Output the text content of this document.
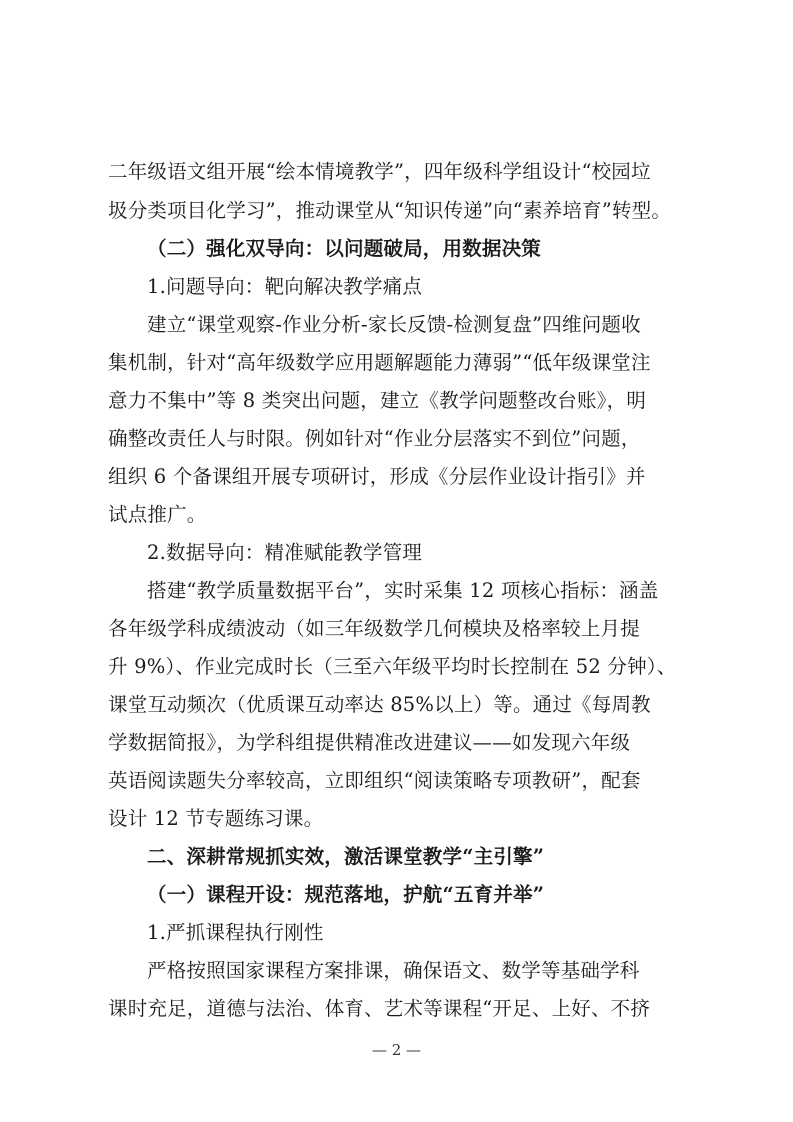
二年级语文组开展“绘本情境教学”，四年级科学组设计“校园垃
圾分类项目化学习”，推动课堂从“知识传递”向“素养培育”转型。
（二）强化双导向：以问题破局，用数据决策
1.问题导向：靶向解决教学痛点
建立“课堂观察-作业分析-家长反馈-检测复盘”四维问题收
集机制，针对“高年级数学应用题解题能力薄弱”“低年级课堂注
意力不集中”等 8 类突出问题，建立《教学问题整改台账》，明
确整改责任人与时限。例如针对“作业分层落实不到位”问题，
组织 6 个备课组开展专项研讨，形成《分层作业设计指引》并
试点推广。
2.数据导向：精准赋能教学管理
搭建“教学质量数据平台”，实时采集 12 项核心指标：涵盖
各年级学科成绩波动（如三年级数学几何模块及格率较上月提
升 9%）、作业完成时长（三至六年级平均时长控制在 52 分钟）、
课堂互动频次（优质课互动率达 85%以上）等。通过《每周教
学数据简报》，为学科组提供精准改进建议——如发现六年级
英语阅读题失分率较高，立即组织“阅读策略专项教研”，配套
设计 12 节专题练习课。
二、深耕常规抓实效，激活课堂教学“主引擎”
（一）课程开设：规范落地，护航“五育并举”
1.严抓课程执行刚性
严格按照国家课程方案排课，确保语文、数学等基础学科
课时充足，道德与法治、体育、艺术等课程“开足、上好、不挤
— 2 —
